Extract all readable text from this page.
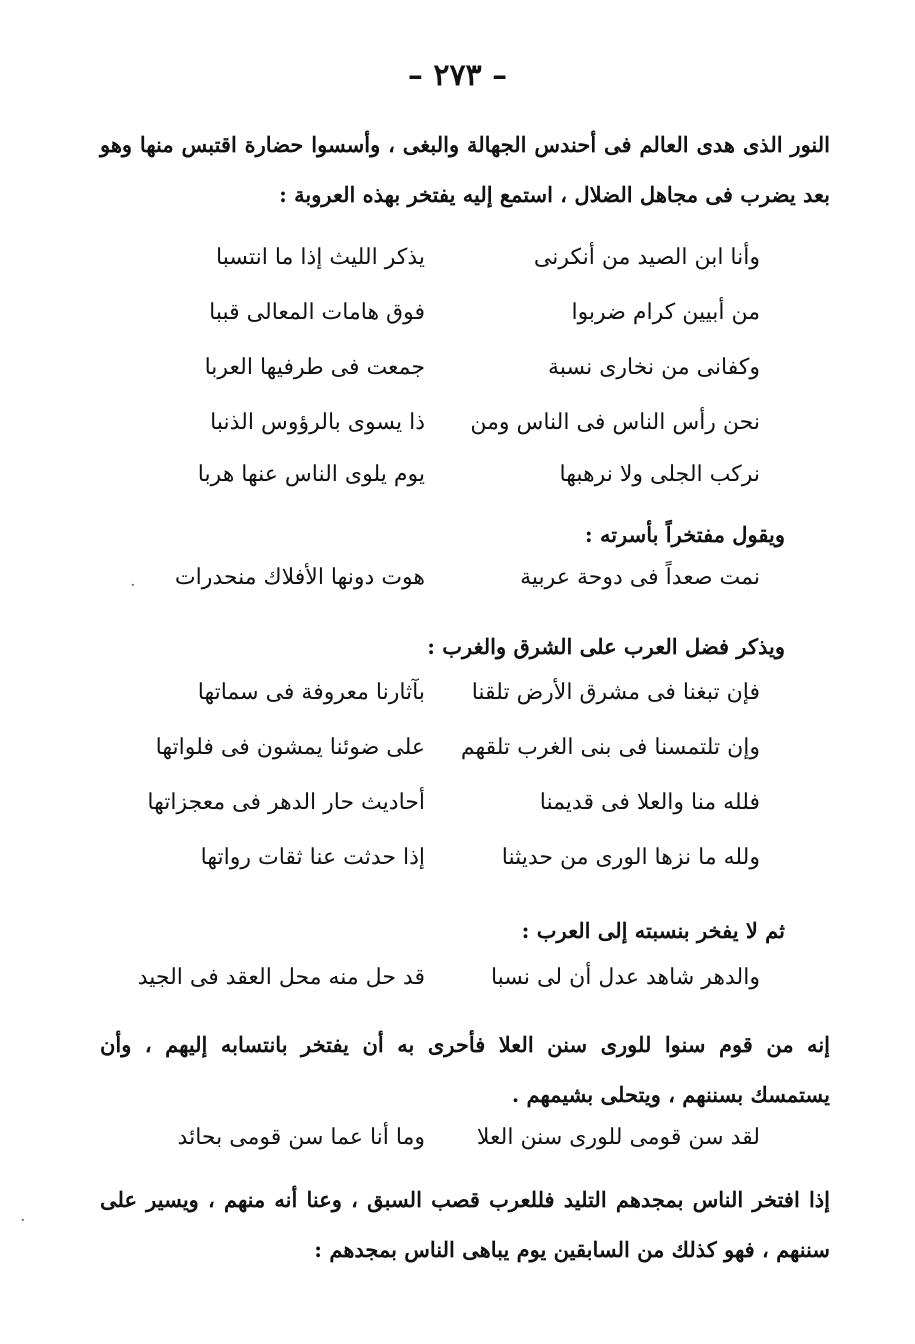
– ٢٧٣ –
النور الذى هدى العالم فى أحندس الجهالة والبغى ، وأسسوا حضارة اقتبس منها وهو بعد يضرب فى مجاهل الضلال ، استمع إليه يفتخر بهذه العروبة :
وأنا ابن الصيد من أنكرنى
يذكر الليث إذا ما انتسبا
من أبيين كرام ضربوا
فوق هامات المعالى قببا
وكفانى من نخارى نسبة
جمعت فى طرفيها العربا
نحن رأس الناس فى الناس ومن
ذا يسوى بالرؤوس الذنبا
نركب الجلى ولا نرهبها
يوم يلوى الناس عنها هربا
ويقول مفتخراً بأسرته :
نمت صعداً فى دوحة عربية
هوت دونها الأفلاك منحدرات
ويذكر فضل العرب على الشرق والغرب :
فإن تبغنا فى مشرق الأرض تلقنا
بآثارنا معروفة فى سماتها
وإن تلتمسنا فى بنى الغرب تلقهم
على ضوئنا يمشون فى فلواتها
فلله منا والعلا فى قديمنا
أحاديث حار الدهر فى معجزاتها
ولله ما نزها الورى من حديثنا
إذا حدثت عنا ثقات رواتها
ثم لا يفخر بنسبته إلى العرب :
والدهر شاهد عدل أن لى نسبا
قد حل منه محل العقد فى الجيد
إنه من قوم سنوا للورى سنن العلا فأحرى به أن يفتخر بانتسابه إليهم ، وأن يستمسك بسننهم ، ويتحلى بشيمهم .
لقد سن قومى للورى سنن العلا
وما أنا عما سن قومى بحائد
إذا افتخر الناس بمجدهم التليد فللعرب قصب السبق ، وعنا أنه منهم ، ويسير على سننهم ، فهو كذلك من السابقين يوم يباهى الناس بمجدهم :
·
·
